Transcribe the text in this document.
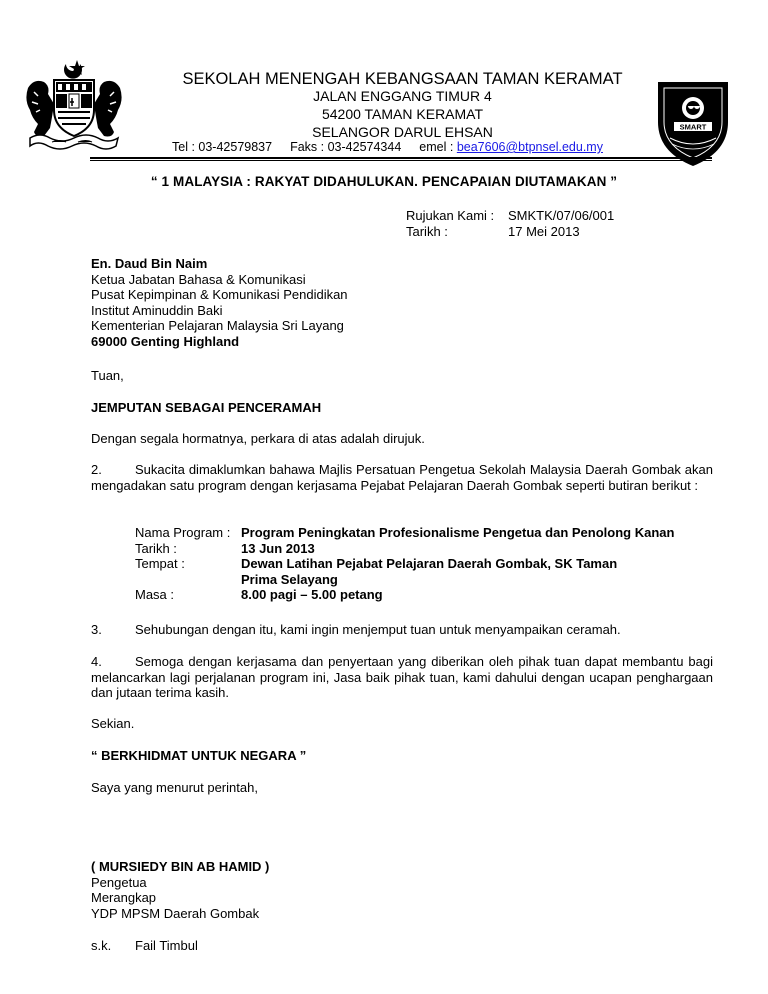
SMART
SEKOLAH MENENGAH KEBANGSAAN TAMAN KERAMAT
JALAN ENGGANG TIMUR 4
54200 TAMAN KERAMAT
SELANGOR DARUL EHSAN
Tel : 03-42579837 Faks : 03-42574344 emel : bea7606@btpnsel.edu.my
“ 1 MALAYSIA : RAKYAT DIDAHULUKAN. PENCAPAIAN DIUTAMAKAN ”
Rujukan Kami :	SMKTK/07/06/001
Tarikh :	17 Mei 2013
En. Daud Bin Naim
Ketua Jabatan Bahasa & Komunikasi
Pusat Kepimpinan & Komunikasi Pendidikan
Institut Aminuddin Baki
Kementerian Pelajaran Malaysia Sri Layang
69000 Genting Highland
Tuan,
JEMPUTAN SEBAGAI PENCERAMAH
Dengan segala hormatnya, perkara di atas adalah dirujuk.
2.	Sukacita dimaklumkan bahawa Majlis Persatuan Pengetua Sekolah Malaysia Daerah Gombak akan mengadakan satu program dengan kerjasama Pejabat Pelajaran Daerah Gombak seperti butiran berikut :
Nama Program : Program Peningkatan Profesionalisme Pengetua dan Penolong Kanan
Tarikh :	13 Jun 2013
Tempat :	Dewan Latihan Pejabat Pelajaran Daerah Gombak, SK Taman
Prima Selayang
Masa :	8.00 pagi – 5.00 petang
3.	Sehubungan dengan itu, kami ingin menjemput tuan untuk menyampaikan ceramah.
4.	Semoga dengan kerjasama dan penyertaan yang diberikan oleh pihak tuan dapat membantu bagi melancarkan lagi perjalanan program ini, Jasa baik pihak tuan, kami dahului dengan ucapan penghargaan dan jutaan terima kasih.
Sekian.
“ BERKHIDMAT UNTUK NEGARA ”
Saya yang menurut perintah,
( MURSIEDY BIN AB HAMID )
Pengetua
Merangkap
YDP MPSM Daerah Gombak
s.k. Fail Timbul
